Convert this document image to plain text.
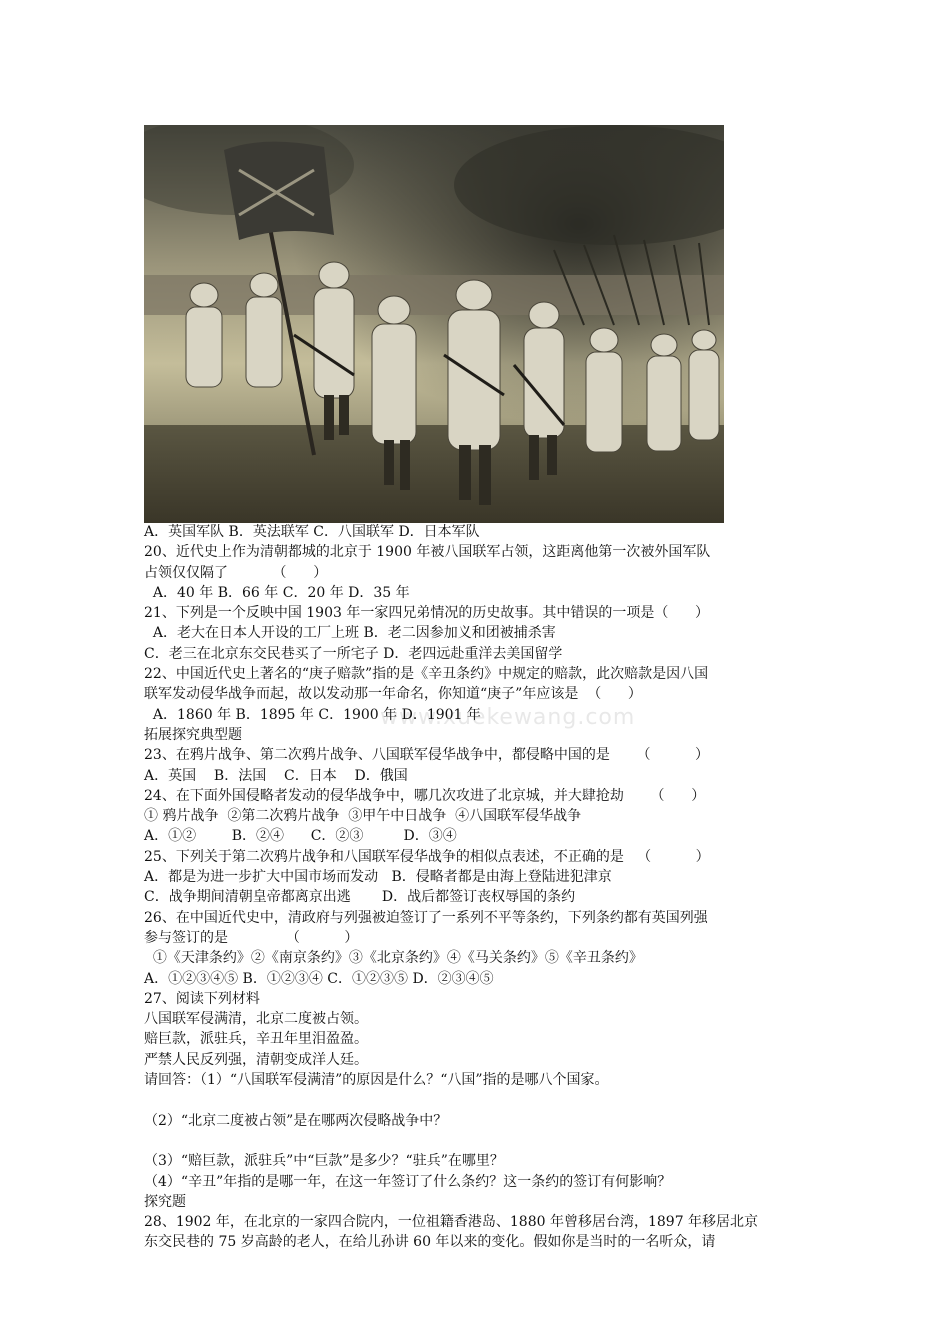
www.xuekewang.com
A．英国军队 B．英法联军 C．八国联军 D．日本军队
20、近代史上作为清朝都城的北京于 1900 年被八国联军占领，这距离他第一次被外国军队
占领仅仅隔了          （      ）
A．40 年 B．66 年 C．20 年 D．35 年
21、下列是一个反映中国 1903 年一家四兄弟情况的历史故事。其中错误的一项是（      ）
A．老大在日本人开设的工厂上班 B．老二因参加义和团被捕杀害
C．老三在北京东交民巷买了一所宅子 D．老四远赴重洋去美国留学
22、中国近代史上著名的“庚子赔款”指的是《辛丑条约》中规定的赔款，此次赔款是因八国
联军发动侵华战争而起，故以发动那一年命名，你知道“庚子”年应该是  （      ）
A．1860 年 B．1895 年 C．1900 年 D．1901 年
拓展探究典型题
23、在鸦片战争、第二次鸦片战争、八国联军侵华战争中，都侵略中国的是      （          ）
A．英国    B．法国    C．日本    D．俄国
24、在下面外国侵略者发动的侵华战争中，哪几次攻进了北京城，并大肆抢劫      （      ）
① 鸦片战争  ②第二次鸦片战争  ③甲午中日战争  ④八国联军侵华战争
A．①②        B．②④      C．②③         D．③④
25、下列关于第二次鸦片战争和八国联军侵华战争的相似点表述，不正确的是   （          ）
A．都是为进一步扩大中国市场而发动   B．侵略者都是由海上登陆进犯津京
C．战争期间清朝皇帝都离京出逃       D．战后都签订丧权辱国的条约
26、在中国近代史中，清政府与列强被迫签订了一系列不平等条约，下列条约都有英国列强
参与签订的是             （          ）
①《天津条约》②《南京条约》③《北京条约》④《马关条约》⑤《辛丑条约》
A．①②③④⑤ B．①②③④ C．①②③⑤ D．②③④⑤
27、阅读下列材料
八国联军侵满清，北京二度被占领。
赔巨款，派驻兵，辛丑年里泪盈盈。
严禁人民反列强，清朝变成洋人廷。
请回答：（1）“八国联军侵满清”的原因是什么？“八国”指的是哪八个国家。
（2）“北京二度被占领”是在哪两次侵略战争中？
（3）“赔巨款，派驻兵”中“巨款”是多少？“驻兵”在哪里？
（4）“辛丑”年指的是哪一年，在这一年签订了什么条约？这一条约的签订有何影响？
探究题
28、1902 年，在北京的一家四合院内，一位祖籍香港岛、1880 年曾移居台湾，1897 年移居北京
东交民巷的 75 岁高龄的老人，在给儿孙讲 60 年以来的变化。假如你是当时的一名听众，请
